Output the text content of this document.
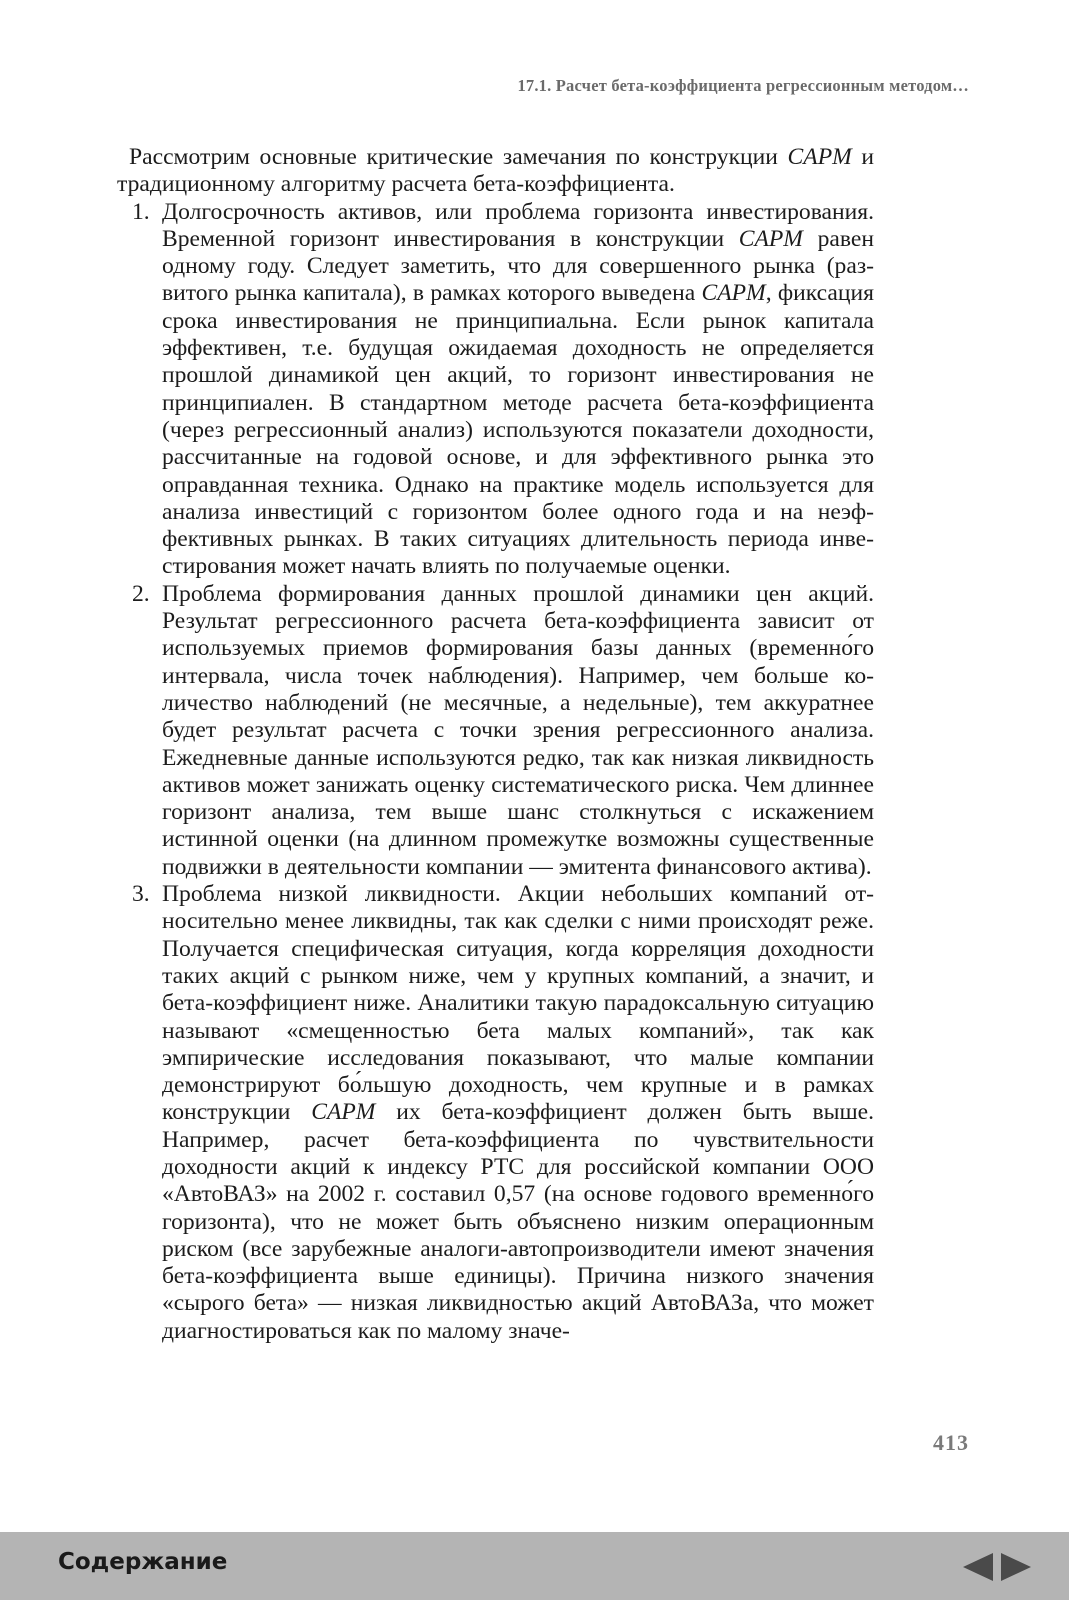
17.1. Расчет бета-коэффициента регрессионным методом…

Рассмотрим основные критические замечания по конструкции CAPM и традиционному алгоритму расчета бета-коэффициента.

1. Долгосрочность активов, или проблема горизонта инвестирования. Временной горизонт инвестирования в конструкции CAPM равен одному году. Следует заметить, что для совершенного рынка (развитого рынка капитала), в рамках которого выведена CAPM, фиксация срока инвестирования не принципиальна. Если рынок капитала эффективен, т.е. будущая ожидаемая доходность не определяется прошлой динамикой цен акций, то горизонт инвестирования не принципиален. В стандартном методе расчета бета-коэффициента (через регрессионный анализ) используются показатели доходности, рассчитанные на годовой основе, и для эффективного рынка это оправданная техника. Однако на практике модель используется для анализа инвестиций с горизонтом более одного года и на неэффективных рынках. В таких ситуациях длительность периода инвестирования может начать влиять по получаемые оценки.
2. Проблема формирования данных прошлой динамики цен акций. Результат регрессионного расчета бета-коэффициента зависит от используемых приемов формирования базы данных (временно́го интервала, числа точек наблюдения). Например, чем больше количество наблюдений (не месячные, а недельные), тем аккуратнее будет результат расчета с точки зрения регрессионного анализа. Ежедневные данные используются редко, так как низкая ликвидность активов может занижать оценку систематического риска. Чем длиннее горизонт анализа, тем выше шанс столкнуться с искажением истинной оценки (на длинном промежутке возможны существенные подвижки в деятельности компании — эмитента финансового актива).
3. Проблема низкой ликвидности. Акции небольших компаний относительно менее ликвидны, так как сделки с ними происходят реже. Получается специфическая ситуация, когда корреляция доходности таких акций с рынком ниже, чем у крупных компаний, а значит, и бета-коэффициент ниже. Аналитики такую парадоксальную ситуацию называют «смещенностью бета малых компаний», так как эмпирические исследования показывают, что малые компании демонстрируют бо́льшую доходность, чем крупные и в рамках конструкции CAPM их бета-коэффициент должен быть выше. Например, расчет бета-коэффициента по чувствительности доходности акций к индексу РТС для российской компании ООО «АвтоВАЗ» на 2002 г. составил 0,57 (на основе годового временно́го горизонта), что не может быть объяснено низким операционным риском (все зарубежные аналоги-автопроизводители имеют значения бета-коэффициента выше единицы). Причина низкого значения «сырого бета» — низкая ликвидностью акций АвтоВАЗа, что может диагностироваться как по малому значе-
413
Содержание
